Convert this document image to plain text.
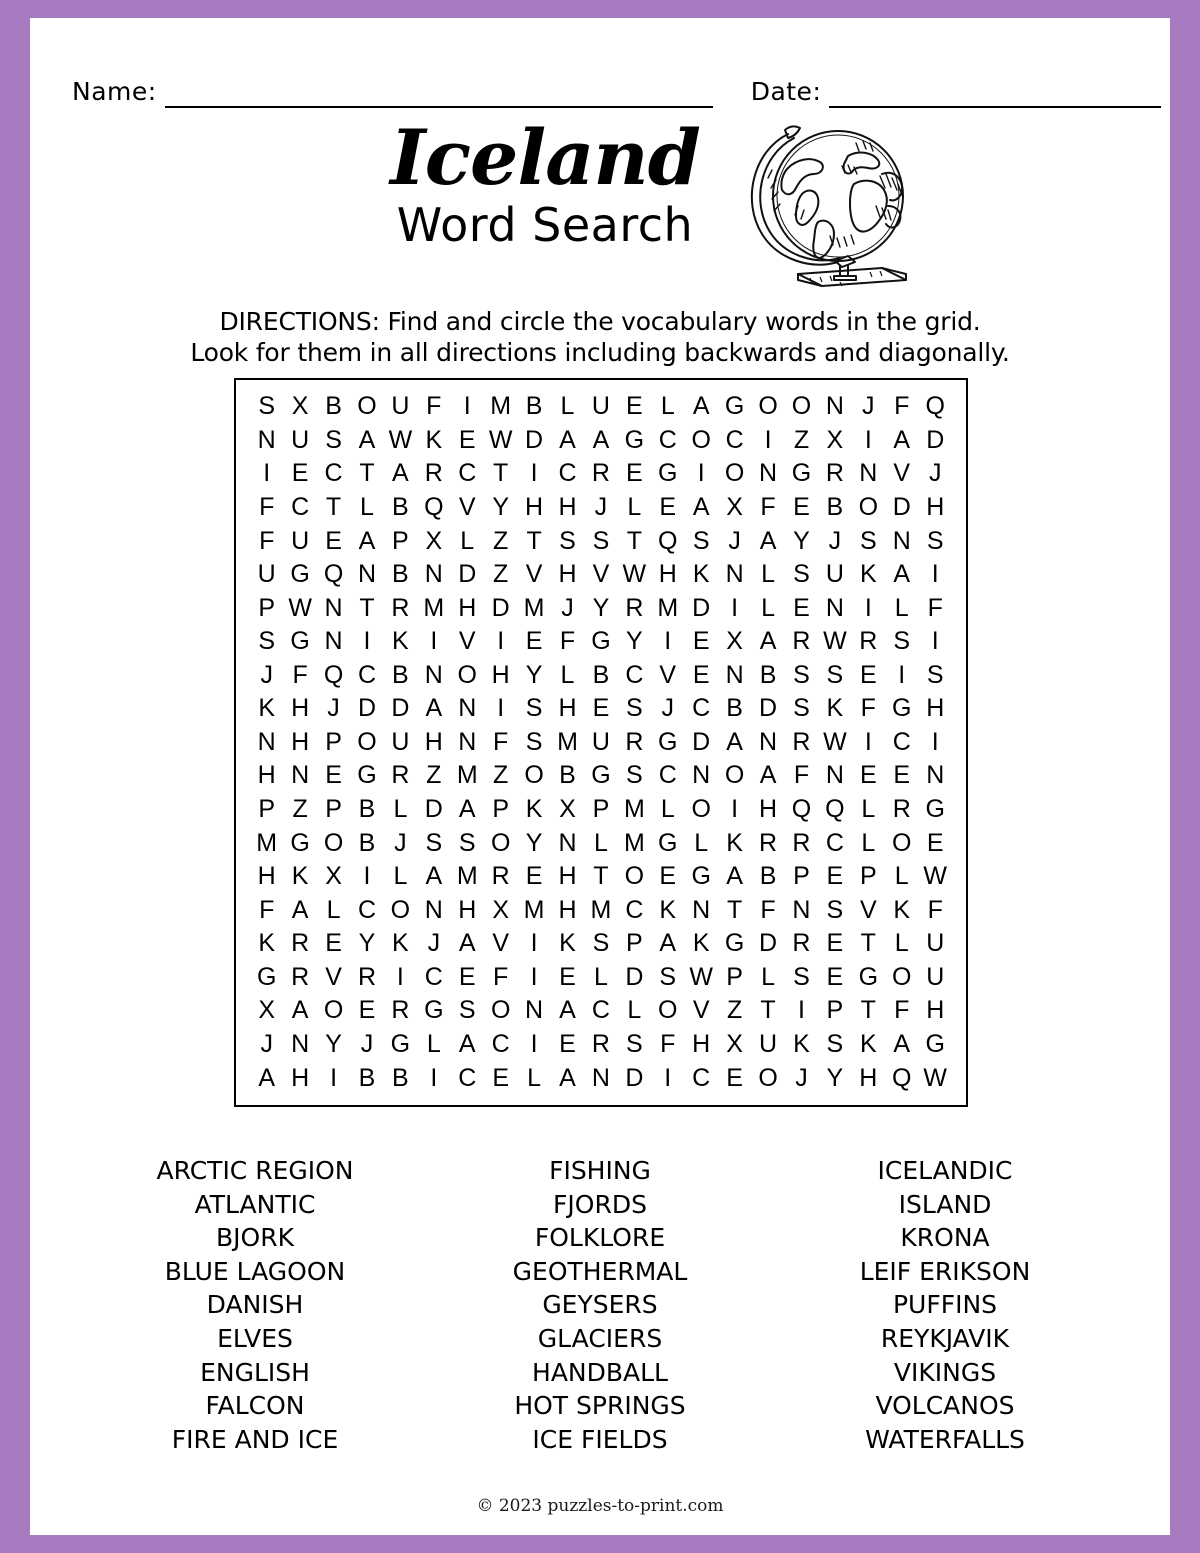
Name:	Date:
Iceland
Word Search
DIRECTIONS: Find and circle the vocabulary words in the grid.
Look for them in all directions including backwards and diagonally.
S	X	B	O	U	F	I	M	B	L	U	E	L	A	G	O	O	N	J	F	Q
N	U	S	A	W	K	E	W	D	A	A	G	C	O	C	I	Z	X	I	A	D
I	E	C	T	A	R	C	T	I	C	R	E	G	I	O	N	G	R	N	V	J
F	C	T	L	B	Q	V	Y	H	H	J	L	E	A	X	F	E	B	O	D	H
F	U	E	A	P	X	L	Z	T	S	S	T	Q	S	J	A	Y	J	S	N	S
U	G	Q	N	B	N	D	Z	V	H	V	W	H	K	N	L	S	U	K	A	I
P	W	N	T	R	M	H	D	M	J	Y	R	M	D	I	L	E	N	I	L	F
S	G	N	I	K	I	V	I	E	F	G	Y	I	E	X	A	R	W	R	S	I
J	F	Q	C	B	N	O	H	Y	L	B	C	V	E	N	B	S	S	E	I	S
K	H	J	D	D	A	N	I	S	H	E	S	J	C	B	D	S	K	F	G	H
N	H	P	O	U	H	N	F	S	M	U	R	G	D	A	N	R	W	I	C	I
H	N	E	G	R	Z	M	Z	O	B	G	S	C	N	O	A	F	N	E	E	N
P	Z	P	B	L	D	A	P	K	X	P	M	L	O	I	H	Q	Q	L	R	G
M	G	O	B	J	S	S	O	Y	N	L	M	G	L	K	R	R	C	L	O	E
H	K	X	I	L	A	M	R	E	H	T	O	E	G	A	B	P	E	P	L	W
F	A	L	C	O	N	H	X	M	H	M	C	K	N	T	F	N	S	V	K	F
K	R	E	Y	K	J	A	V	I	K	S	P	A	K	G	D	R	E	T	L	U
G	R	V	R	I	C	E	F	I	E	L	D	S	W	P	L	S	E	G	O	U
X	A	O	E	R	G	S	O	N	A	C	L	O	V	Z	T	I	P	T	F	H
J	N	Y	J	G	L	A	C	I	E	R	S	F	H	X	U	K	S	K	A	G
A	H	I	B	B	I	C	E	L	A	N	D	I	C	E	O	J	Y	H	Q	W
ARCTIC REGION
ATLANTIC
BJORK
BLUE LAGOON
DANISH
ELVES
ENGLISH
FALCON
FIRE AND ICE
FISHING
FJORDS
FOLKLORE
GEOTHERMAL
GEYSERS
GLACIERS
HANDBALL
HOT SPRINGS
ICE FIELDS
ICELANDIC
ISLAND
KRONA
LEIF ERIKSON
PUFFINS
REYKJAVIK
VIKINGS
VOLCANOS
WATERFALLS
© 2023 puzzles-to-print.com
